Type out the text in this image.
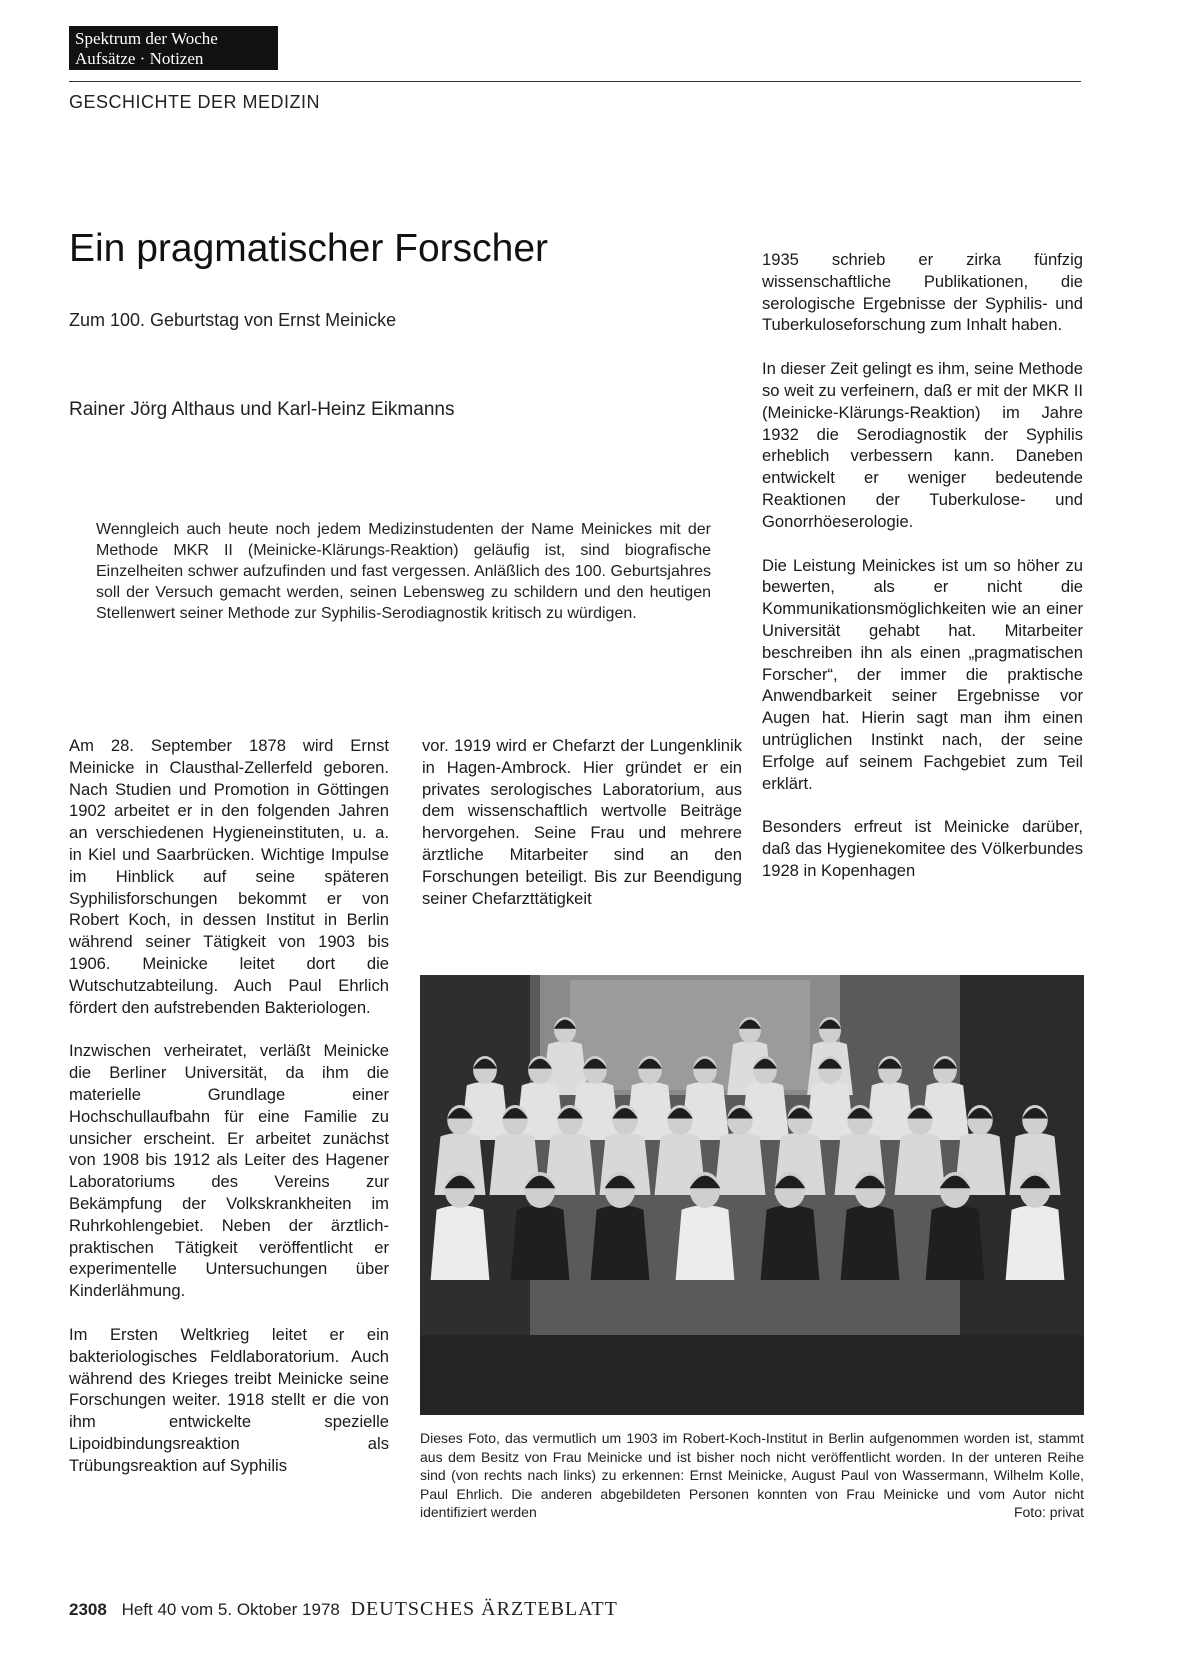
Spektrum der Woche
Aufsätze · Notizen
GESCHICHTE DER MEDIZIN
Ein pragmatischer Forscher
Zum 100. Geburtstag von Ernst Meinicke
Rainer Jörg Althaus und Karl-Heinz Eikmanns
Wenngleich auch heute noch jedem Medizinstudenten der Name Meinickes mit der Methode MKR II (Meinicke-Klärungs-Reaktion) geläufig ist, sind biografische Einzelheiten schwer aufzufinden und fast vergessen. Anläßlich des 100. Geburtsjahres soll der Versuch gemacht werden, seinen Lebensweg zu schildern und den heutigen Stellenwert seiner Methode zur Syphilis-Serodiagnostik kritisch zu würdigen.

Am 28. September 1878 wird Ernst Meinicke in Clausthal-Zellerfeld geboren. Nach Studien und Promotion in Göttingen 1902 arbeitet er in den folgenden Jahren an verschiedenen Hygieneinstituten, u. a. in Kiel und Saarbrücken. Wichtige Impulse im Hinblick auf seine späteren Syphilisforschungen bekommt er von Robert Koch, in dessen Institut in Berlin während seiner Tätigkeit von 1903 bis 1906. Meinicke leitet dort die Wutschutzabteilung. Auch Paul Ehrlich fördert den aufstrebenden Bakteriologen.

Inzwischen verheiratet, verläßt Meinicke die Berliner Universität, da ihm die materielle Grundlage einer Hochschullaufbahn für eine Familie zu unsicher erscheint. Er arbeitet zunächst von 1908 bis 1912 als Leiter des Hagener Laboratoriums des Vereins zur Bekämpfung der Volkskrankheiten im Ruhrkohlengebiet. Neben der ärztlich-praktischen Tätigkeit veröffentlicht er experimentelle Untersuchungen über Kinderlähmung.

Im Ersten Weltkrieg leitet er ein bakteriologisches Feldlaboratorium. Auch während des Krieges treibt Meinicke seine Forschungen weiter. 1918 stellt er die von ihm entwickelte spezielle Lipoidbindungsreaktion als Trübungsreaktion auf Syphilis

vor. 1919 wird er Chefarzt der Lungenklinik in Hagen-Ambrock. Hier gründet er ein privates serologisches Laboratorium, aus dem wissenschaftlich wertvolle Beiträge hervorgehen. Seine Frau und mehrere ärztliche Mitarbeiter sind an den Forschungen beteiligt. Bis zur Beendigung seiner Chefarzttätigkeit

1935 schrieb er zirka fünfzig wissenschaftliche Publikationen, die serologische Ergebnisse der Syphilis- und Tuberkuloseforschung zum Inhalt haben.

In dieser Zeit gelingt es ihm, seine Methode so weit zu verfeinern, daß er mit der MKR II (Meinicke-Klärungs-Reaktion) im Jahre 1932 die Serodiagnostik der Syphilis erheblich verbessern kann. Daneben entwickelt er weniger bedeutende Reaktionen der Tuberkulose- und Gonorrhöeserologie.

Die Leistung Meinickes ist um so höher zu bewerten, als er nicht die Kommunikationsmöglichkeiten wie an einer Universität gehabt hat. Mitarbeiter beschreiben ihn als einen „pragmatischen Forscher“, der immer die praktische Anwendbarkeit seiner Ergebnisse vor Augen hat. Hierin sagt man ihm einen untrüglichen Instinkt nach, der seine Erfolge auf seinem Fachgebiet zum Teil erklärt.

Besonders erfreut ist Meinicke darüber, daß das Hygienekomitee des Völkerbundes 1928 in Kopenhagen

Dieses Foto, das vermutlich um 1903 im Robert-Koch-Institut in Berlin aufgenommen worden ist, stammt aus dem Besitz von Frau Meinicke und ist bisher noch nicht veröffentlicht worden. In der unteren Reihe sind (von rechts nach links) zu erkennen: Ernst Meinicke, August Paul von Wassermann, Wilhelm Kolle, Paul Ehrlich. Die anderen abgebildeten Personen konnten von Frau Meinicke und vom Autor nicht identifiziert werden	Foto: privat
2308 Heft 40 vom 5. Oktober 1978 DEUTSCHES ÄRZTEBLATT
